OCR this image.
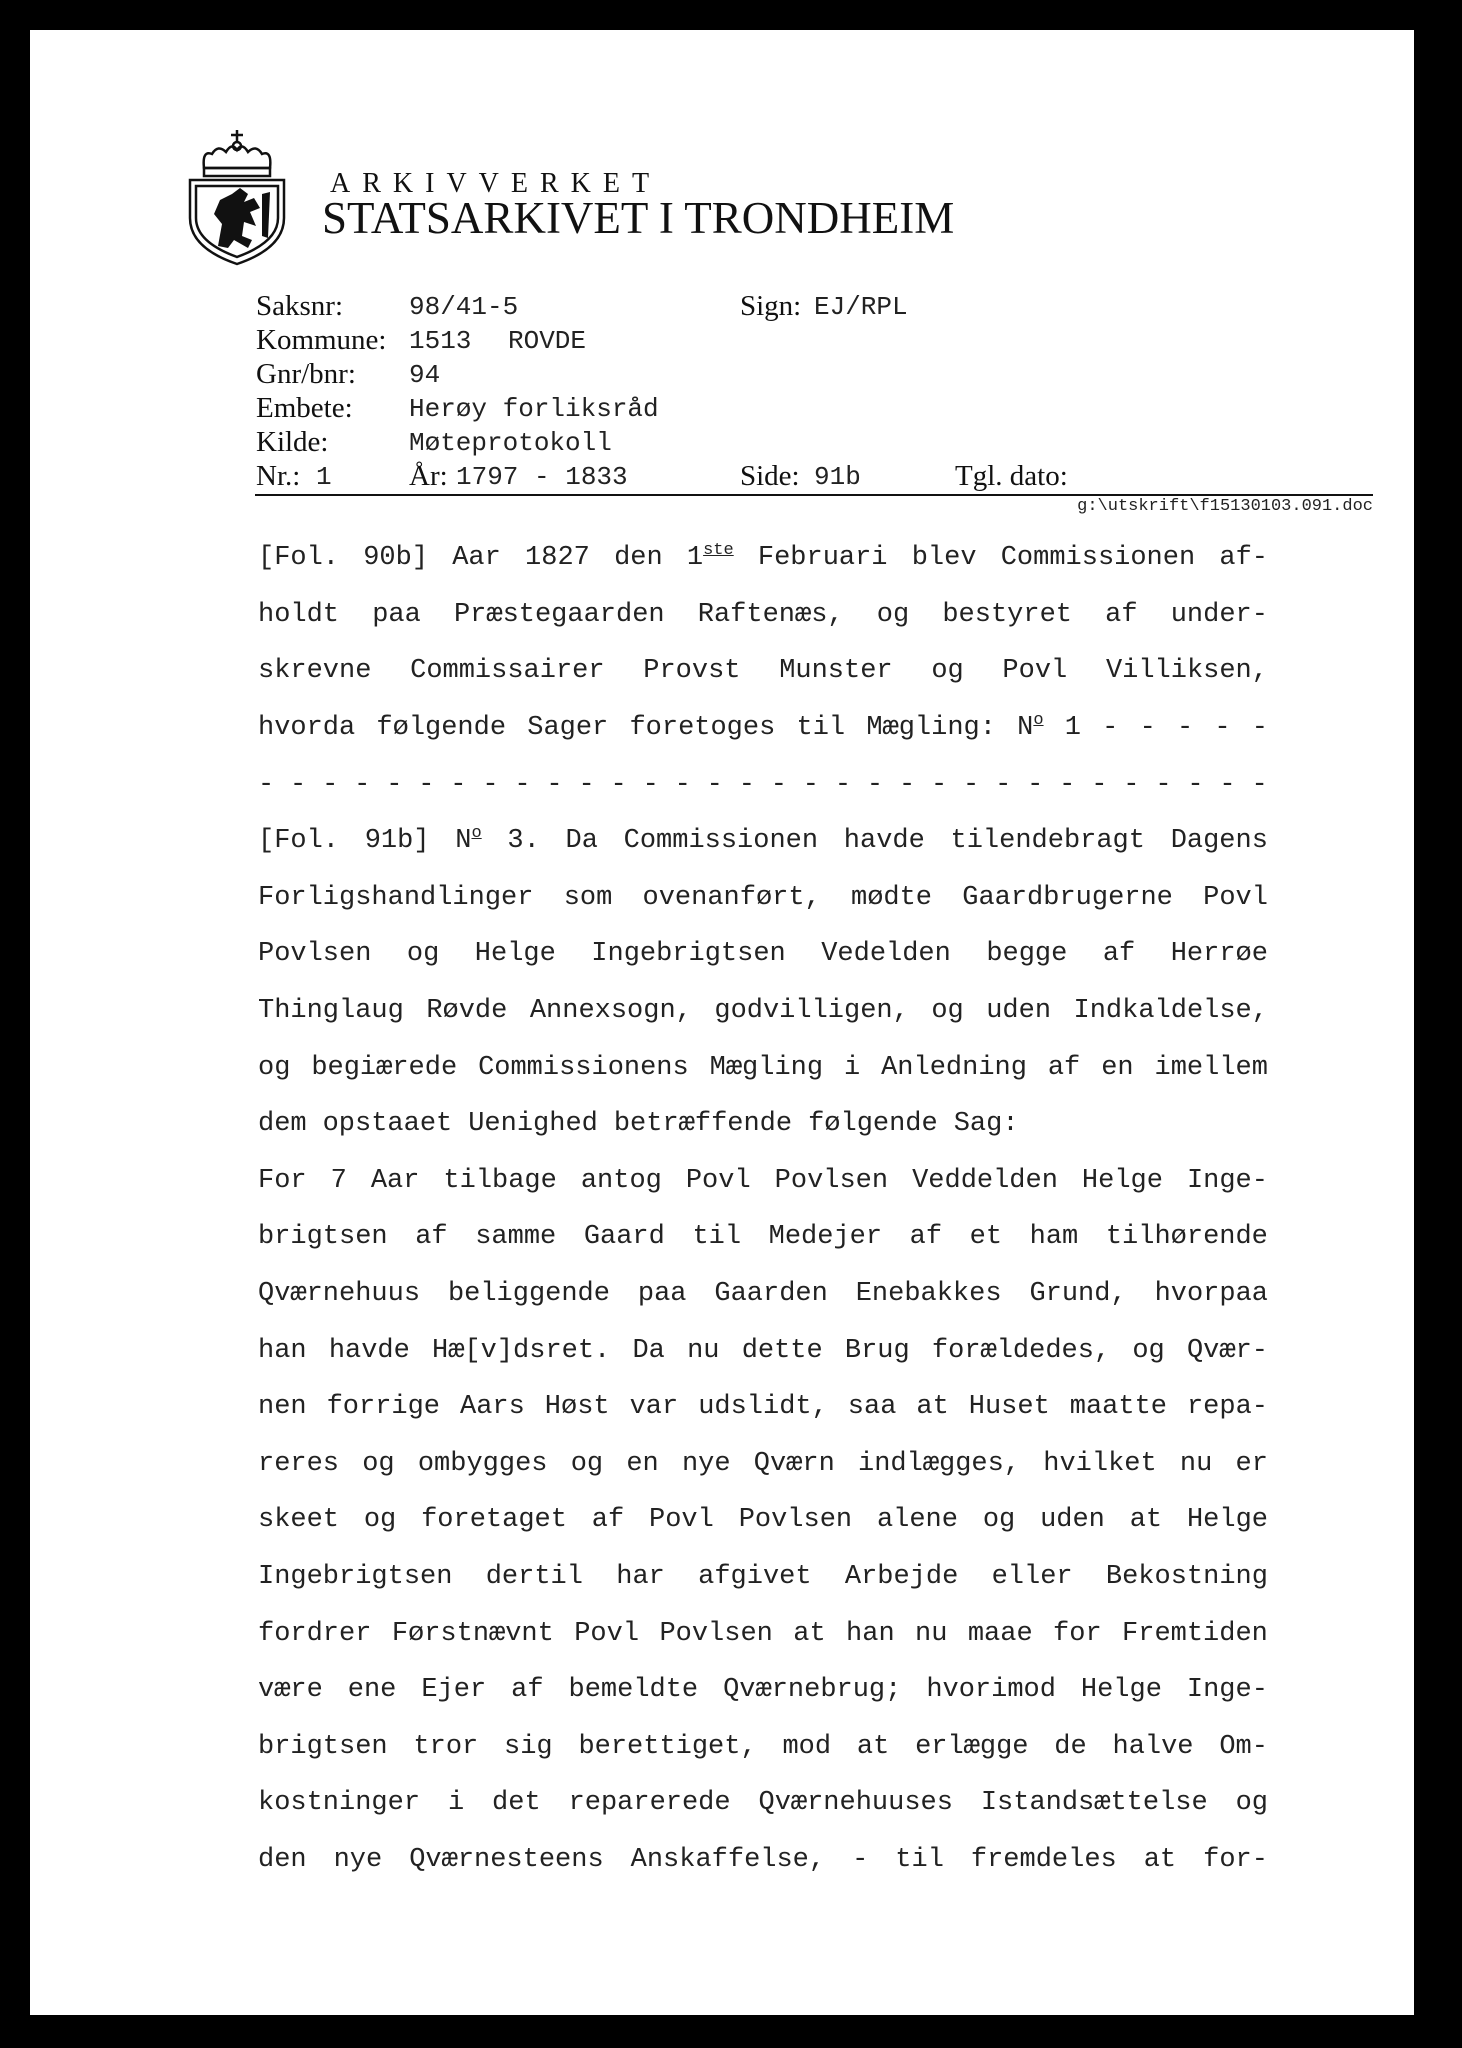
ARKIVVERKET
STATSARKIVET I TRONDHEIM
Saksnr:	98/41-5	Sign: EJ/RPL
Kommune: 1513 ROVDE
Gnr/bnr: 94
Embete: Herøy forliksråd
Kilde:	Møteprotokoll
Nr.: 1	År: 1797 - 1833	Side: 91b	Tgl. dato:
g:\utskrift\f15130103.091.doc
[Fol. 90b] Aar 1827 den 1ste Februari blev Commissionen af-
holdt paa Præstegaarden Raftenæs, og bestyret af under-
skrevne Commissairer Provst Munster og Povl Villiksen,
hvorda følgende Sager foretoges til Mægling: $N^o$ 1 - - - - -
- - - - - - - - - - - - - - - - - - - - - - - - - - - - - - - -
[Fol. 91b] $N^o$ 3. Da Commissionen havde tilendebragt Dagens
Forligshandlinger som ovenanført, mødte Gaardbrugerne Povl
Povlsen og Helge Ingebrigtsen Vedelden begge af Herrøe
Thinglaug Røvde Annexsogn, godvilligen, og uden Indkaldelse,
og begiærede Commissionens Mægling i Anledning af en imellem
dem opstaaet Uenighed betræffende følgende Sag:
For 7 Aar tilbage antog Povl Povlsen Veddelden Helge Inge-
brigtsen af samme Gaard til Medejer af et ham tilhørende
Qværnehuus beliggende paa Gaarden Enebakkes Grund, hvorpaa
han havde Hæ[v]dsret. Da nu dette Brug forældedes, og Qvær-
nen forrige Aars Høst var udslidt, saa at Huset maatte repa-
reres og ombygges og en nye Qværn indlægges, hvilket nu er
skeet og foretaget af Povl Povlsen alene og uden at Helge
Ingebrigtsen dertil har afgivet Arbejde eller Bekostning
fordrer Førstnævnt Povl Povlsen at han nu maae for Fremtiden
være ene Ejer af bemeldte Qværnebrug; hvorimod Helge Inge-
brigtsen tror sig berettiget, mod at erlægge de halve Om-
kostninger i det reparerede Qværnehuuses Istandsættelse og
den nye Qværnesteens Anskaffelse, - til fremdeles at for-
